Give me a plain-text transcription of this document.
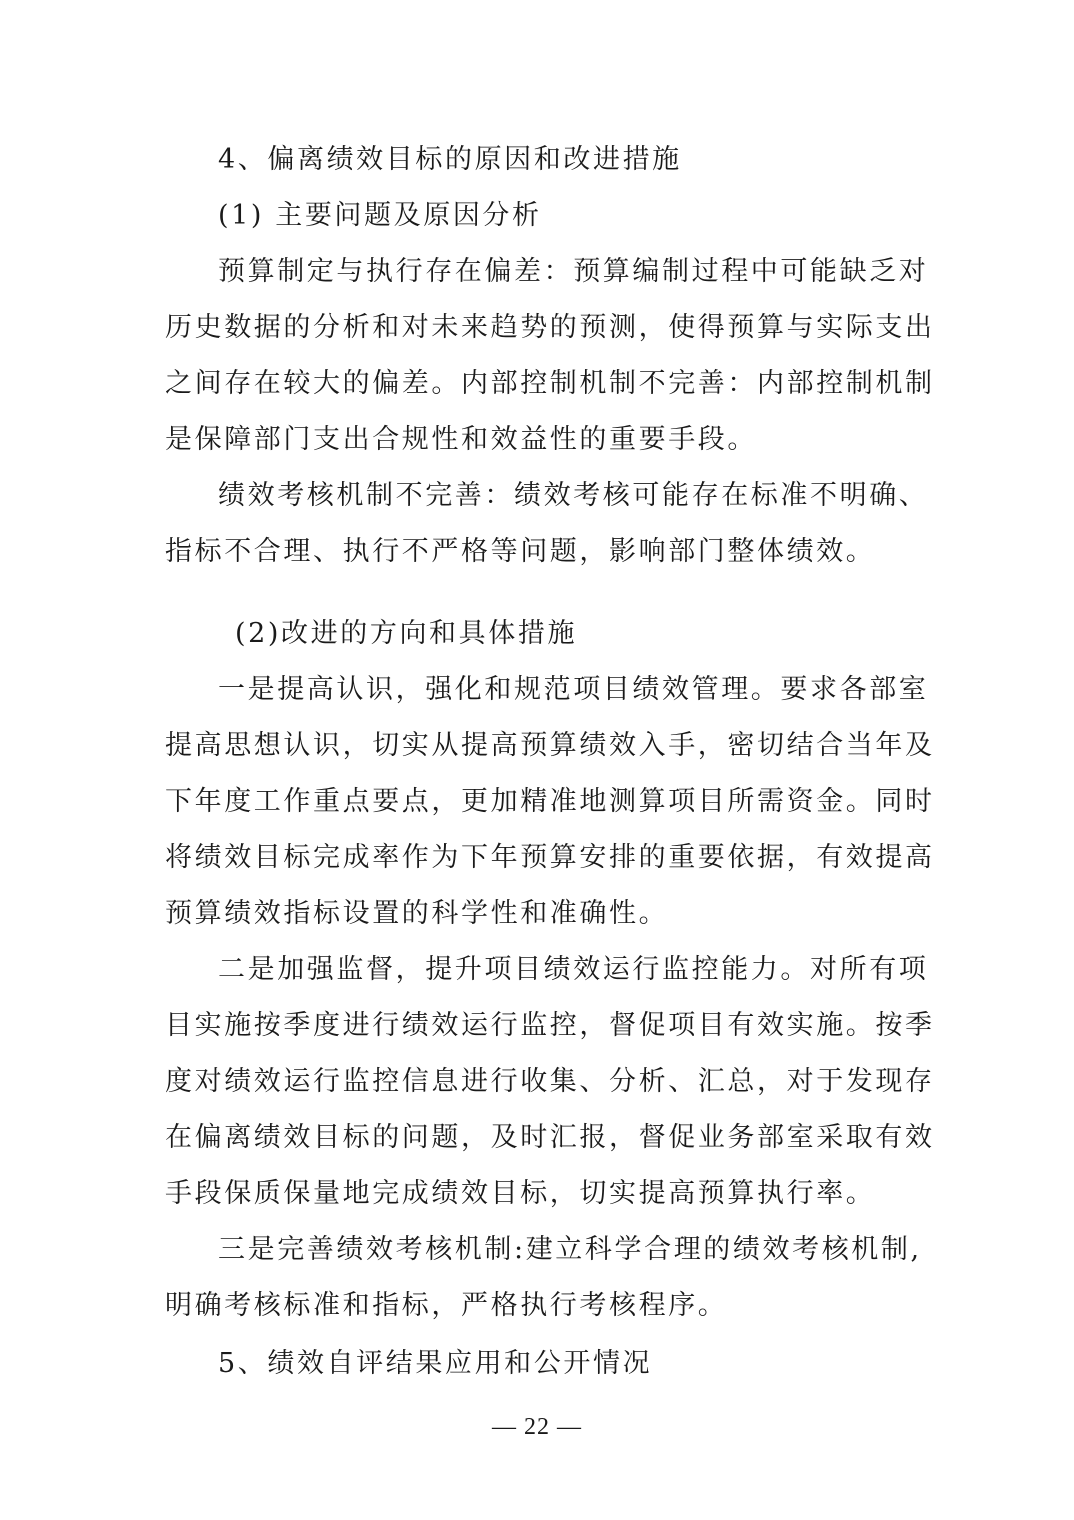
4、偏离绩效目标的原因和改进措施
(1) 主要问题及原因分析
预算制定与执行存在偏差：预算编制过程中可能缺乏对
历史数据的分析和对未来趋势的预测，使得预算与实际支出
之间存在较大的偏差。内部控制机制不完善：内部控制机制
是保障部门支出合规性和效益性的重要手段。
绩效考核机制不完善：绩效考核可能存在标准不明确、
指标不合理、执行不严格等问题，影响部门整体绩效。
(2)改进的方向和具体措施
一是提高认识，强化和规范项目绩效管理。要求各部室
提高思想认识，切实从提高预算绩效入手，密切结合当年及
下年度工作重点要点，更加精准地测算项目所需资金。同时
将绩效目标完成率作为下年预算安排的重要依据，有效提高
预算绩效指标设置的科学性和准确性。
二是加强监督，提升项目绩效运行监控能力。对所有项
目实施按季度进行绩效运行监控，督促项目有效实施。按季
度对绩效运行监控信息进行收集、分析、汇总，对于发现存
在偏离绩效目标的问题，及时汇报，督促业务部室采取有效
手段保质保量地完成绩效目标，切实提高预算执行率。
三是完善绩效考核机制:建立科学合理的绩效考核机制,
明确考核标准和指标，严格执行考核程序。
5、绩效自评结果应用和公开情况
— 22 —
